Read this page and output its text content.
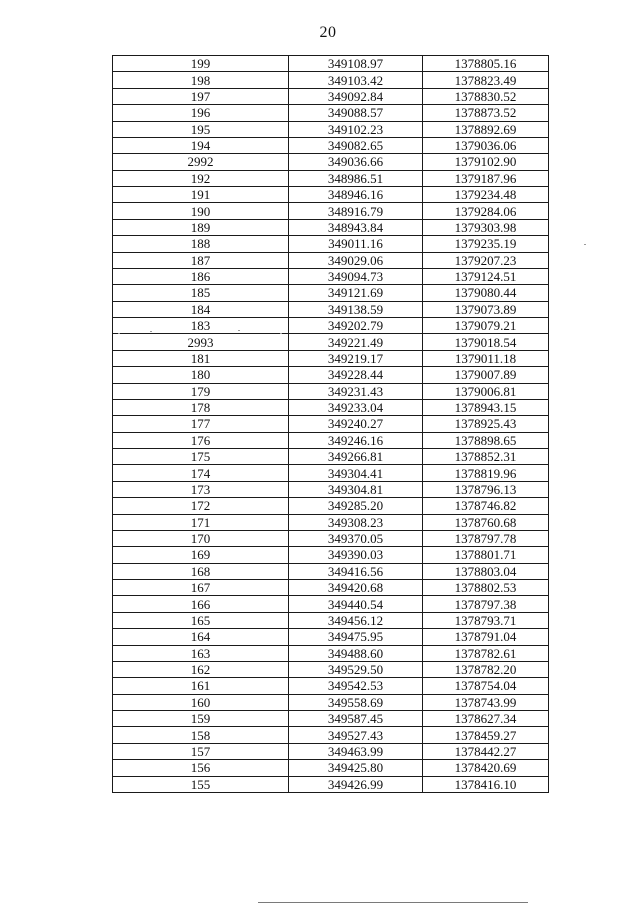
20
199	349108.97	1378805.16
198	349103.42	1378823.49
197	349092.84	1378830.52
196	349088.57	1378873.52
195	349102.23	1378892.69
194	349082.65	1379036.06
2992	349036.66	1379102.90
192	348986.51	1379187.96
191	348946.16	1379234.48
190	348916.79	1379284.06
189	348943.84	1379303.98
188	349011.16	1379235.19
187	349029.06	1379207.23
186	349094.73	1379124.51
185	349121.69	1379080.44
184	349138.59	1379073.89
183	349202.79	1379079.21
2993	349221.49	1379018.54
181	349219.17	1379011.18
180	349228.44	1379007.89
179	349231.43	1379006.81
178	349233.04	1378943.15
177	349240.27	1378925.43
176	349246.16	1378898.65
175	349266.81	1378852.31
174	349304.41	1378819.96
173	349304.81	1378796.13
172	349285.20	1378746.82
171	349308.23	1378760.68
170	349370.05	1378797.78
169	349390.03	1378801.71
168	349416.56	1378803.04
167	349420.68	1378802.53
166	349440.54	1378797.38
165	349456.12	1378793.71
164	349475.95	1378791.04
163	349488.60	1378782.61
162	349529.50	1378782.20
161	349542.53	1378754.04
160	349558.69	1378743.99
159	349587.45	1378627.34
158	349527.43	1378459.27
157	349463.99	1378442.27
156	349425.80	1378420.69
155	349426.99	1378416.10
